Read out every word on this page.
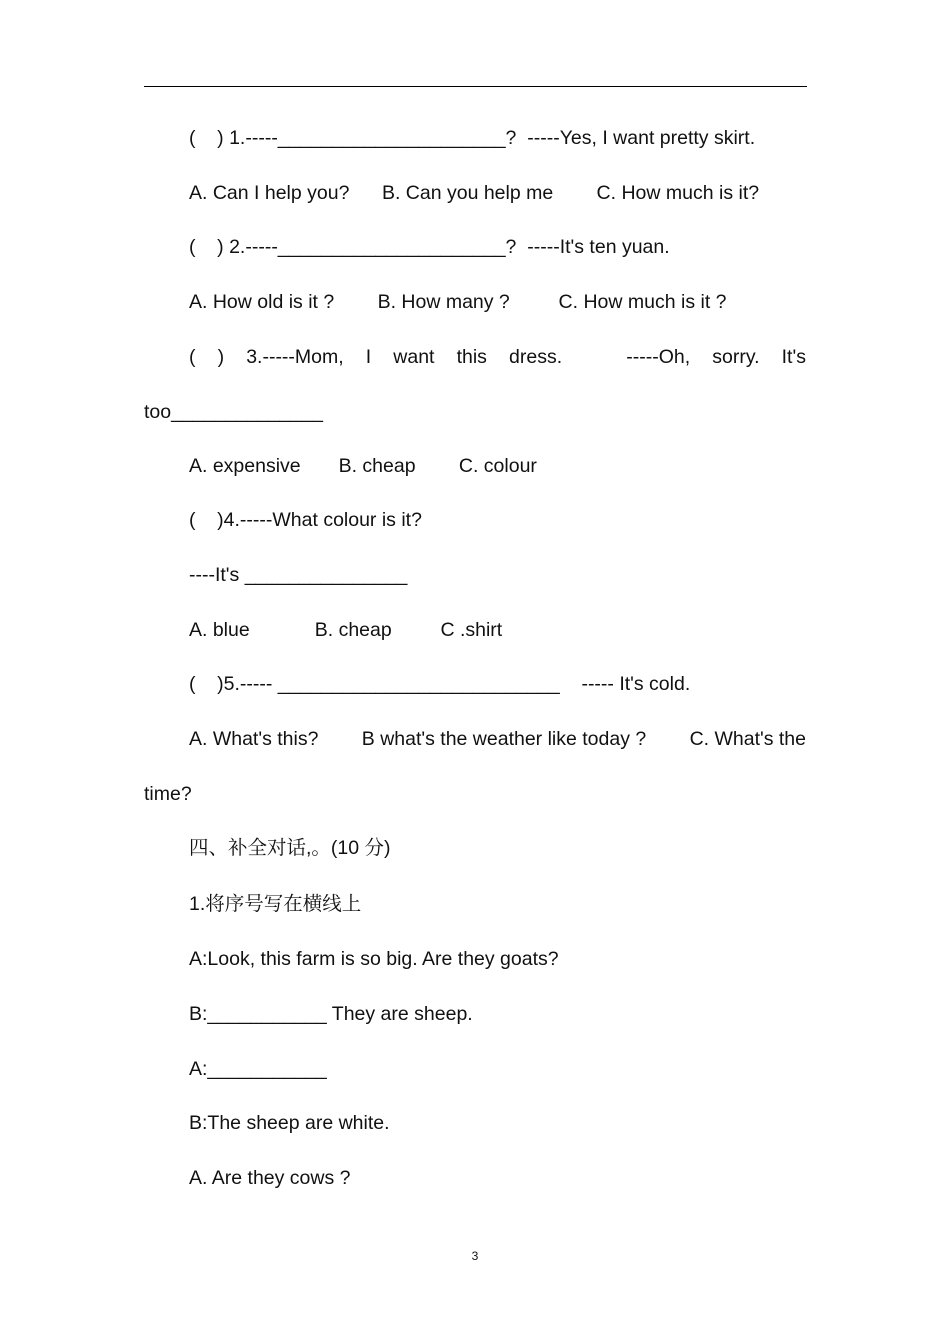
(    ) 1.-----_____________________?  -----Yes, I want pretty skirt.
A. Can I help you?      B. Can you help me        C. How much is it?
(    ) 2.-----_____________________?  -----It's ten yuan.
A. How old is it ?        B. How many ?         C. How much is it ?
( ) 3.-----Mom, I want this dress.	-----Oh, sorry. It's
too______________
A. expensive       B. cheap        C. colour
(    )4.-----What colour is it?
----It's _______________
A. blue            B. cheap         C .shirt
(    )5.----- __________________________    ----- It's cold.
A. What's this? B what's the weather like today ? C. What's the
time?
四、补全对话,。(10 分)
1.将序号写在横线上
A:Look, this farm is so big. Are they goats?
B:___________ They are sheep.
A:___________
B:The sheep are white.
A. Are they cows ?
3
